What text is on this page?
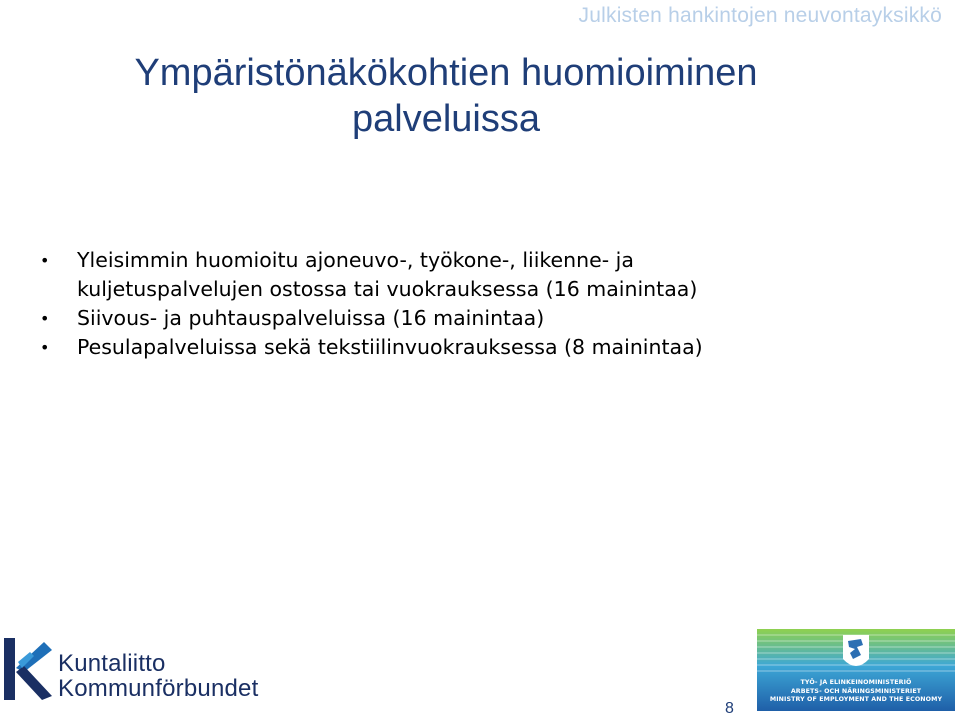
Julkisten hankintojen neuvontayksikkö
Ympäristönäkökohtien huomioiminen
palveluissa
• Yleisimmin huomioitu ajoneuvo-, työkone-, liikenne- ja kuljetuspalvelujen ostossa tai vuokrauksessa (16 mainintaa)
• Siivous- ja puhtauspalveluissa (16 mainintaa)
• Pesulapalveluissa sekä tekstiilinvuokrauksessa (8 mainintaa)
Kuntaliitto
Kommunförbundet
8
TYÖ- JA ELINKEINOMINISTERIÖ
ARBETS- OCH NÄRINGSMINISTERIET
MINISTRY OF EMPLOYMENT AND THE ECONOMY
